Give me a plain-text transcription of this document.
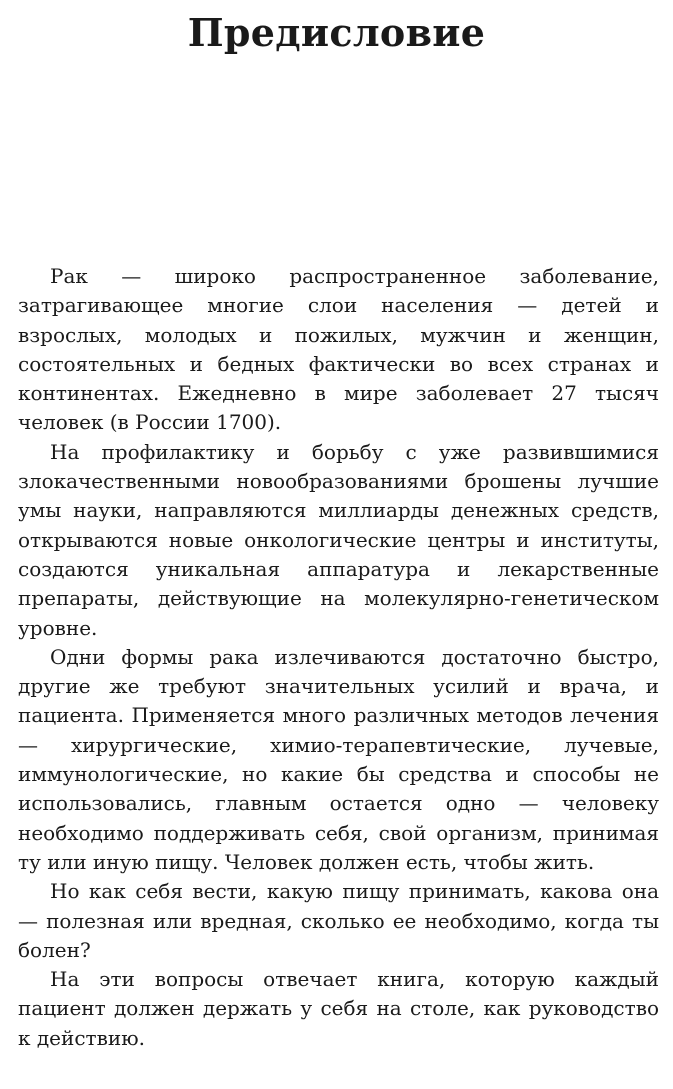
Предисловие

Рак — широко распространенное заболевание, затрагивающее многие слои населения — детей и взрослых, молодых и пожилых, мужчин и женщин, состоятельных и бедных фактически во всех странах и континентах. Ежедневно в мире заболевает 27 тысяч человек (в России 1700).

На профилактику и борьбу с уже развившимися злокачественными новообразованиями брошены лучшие умы науки, направляются миллиарды денежных средств, открываются новые онкологические центры и институты, создаются уникальная аппаратура и лекарственные препараты, действующие на молекулярно-генетическом уровне.

Одни формы рака излечиваются достаточно быстро, другие же требуют значительных усилий и врача, и пациента. Применяется много различных методов лечения — хирургические, химио-терапевтические, лучевые, иммунологические, но какие бы средства и способы не использовались, главным остается одно — человеку необходимо поддерживать себя, свой организм, принимая ту или иную пищу. Человек должен есть, чтобы жить.

Но как себя вести, какую пищу принимать, какова она — полезная или вредная, сколько ее необходимо, когда ты болен?

На эти вопросы отвечает книга, которую каждый пациент должен держать у себя на столе, как руководство к действию.
